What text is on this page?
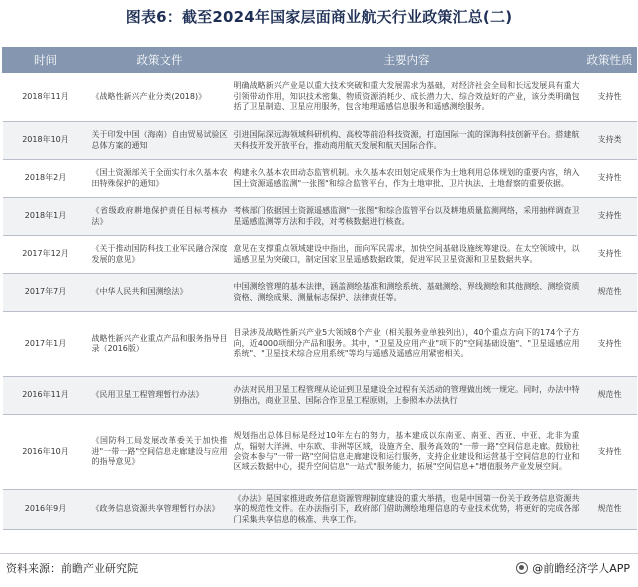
图表6：截至2024年国家层面商业航天行业政策汇总(二)
时间	政策文件	主要内容	政策性质
2018年11月	《战略性新兴产业分类(2018)》	明确战略新兴产业是以重大技术突破和重大发展需求为基础，对经济社会全局和长远发展具有重大引领带动作用，知识技术密集、物质资源消耗少、成长潜力大、综合效益好的产业，该分类明确包括了卫星制造、卫星应用服务，包含地理遥感信息服务和遥感测绘服务。	支持性
2018年10月	关于印发中国（海南）自由贸易试验区总体方案的通知	引进国际深远海领域科研机构、高校等前沿科技资源，打造国际一流的深海科技创新平台。搭建航天科技开发开放平台，推动商用航天发展和航天国际合作。	支持类
2018年2月	《国土资源部关于全面实行永久基本农田特殊保护的通知》	构建永久基本农田动态监管机制。永久基本农田划定成果作为土地利用总体规划的重要内容，纳入国土资源遥感监测"一张图"和综合监管平台，作为土地审批、卫片执法、土地督察的重要依据。	支持性
2018年1月	《省级政府耕地保护责任目标考核办法》	考核部门依据国土资源遥感监测"一张图"和综合监管平台以及耕地质量监测网络，采用抽样调查卫星遥感监测等方法和手段，对考核数据进行核查。	支持性
2017年12月	《关于推动国防科技工业军民融合深度发展的意见》	意见在支撑重点领域建设中指出，面向军民需求，加快空间基础设施统筹建设。在太空领域中，以遥感卫星为突破口，制定国家卫星遥感数据政策，促进军民卫星资源和卫星数据共享。	支持性
2017年7月	《中华人民共和国测绘法》	中国测绘管理的基本法律，涵盖测绘基准和测绘系统、基础测绘、界线测绘和其他测绘、测绘资质资格、测绘成果、测量标志保护、法律责任等。	规范性
2017年1月	战略性新兴产业重点产品和服务指导目录（2016版）	目录涉及战略性新兴产业5大领域8个产业（相关服务业单独列出），40个重点方向下的174个子方向，近4000项细分产品和服务。其中，"卫星及应用产业"项下的"空间基础设施"、"卫星遥感应用系统"、"卫星技术综合应用系统"等均与遥感及遥感应用紧密相关。	支持性
2016年11月	《民用卫星工程管理暂行办法》	办法对民用卫星工程管理从论证到卫星建设全过程有关活动的管理做出统一规定。同时，办法中特别指出，商业卫星、国际合作卫星工程原则，上参照本办法执行	规范性
2016年10月	《国防科工局发展改革委关于加快推进"一带一路"空间信息走廊建设与应用的指导意见》	规划指出总体目标是经过10年左右的努力，基本建成以东南亚、南亚、西亚、中亚、北非为重点，辐射大洋洲、中东欧、非洲等区域，设施齐全、服务高效的"一带一路"空间信息走廊。鼓励社会资本参与"一带一路"空间信息走廊建设和运行服务，支持企业建设和运营基于空间信息的行业和区域云数据中心，提升空间信息"一站式"服务能力，拓展"空间信息+"增值服务产业发展空间。	支持性
2016年9月	《政务信息资源共享管理暂行办法》	《办法》是国家推进政务信息资源管理制度建设的重大举措，也是中国第一份关于政务信息资源共享的规范性文件。在办法指引下，政府部门借助测绘地理信息的专业技术优势，将更好的完成各部门采集共享信息的核准、共享工作。	规范性
资料来源：前瞻产业研究院	@前瞻经济学人APP
